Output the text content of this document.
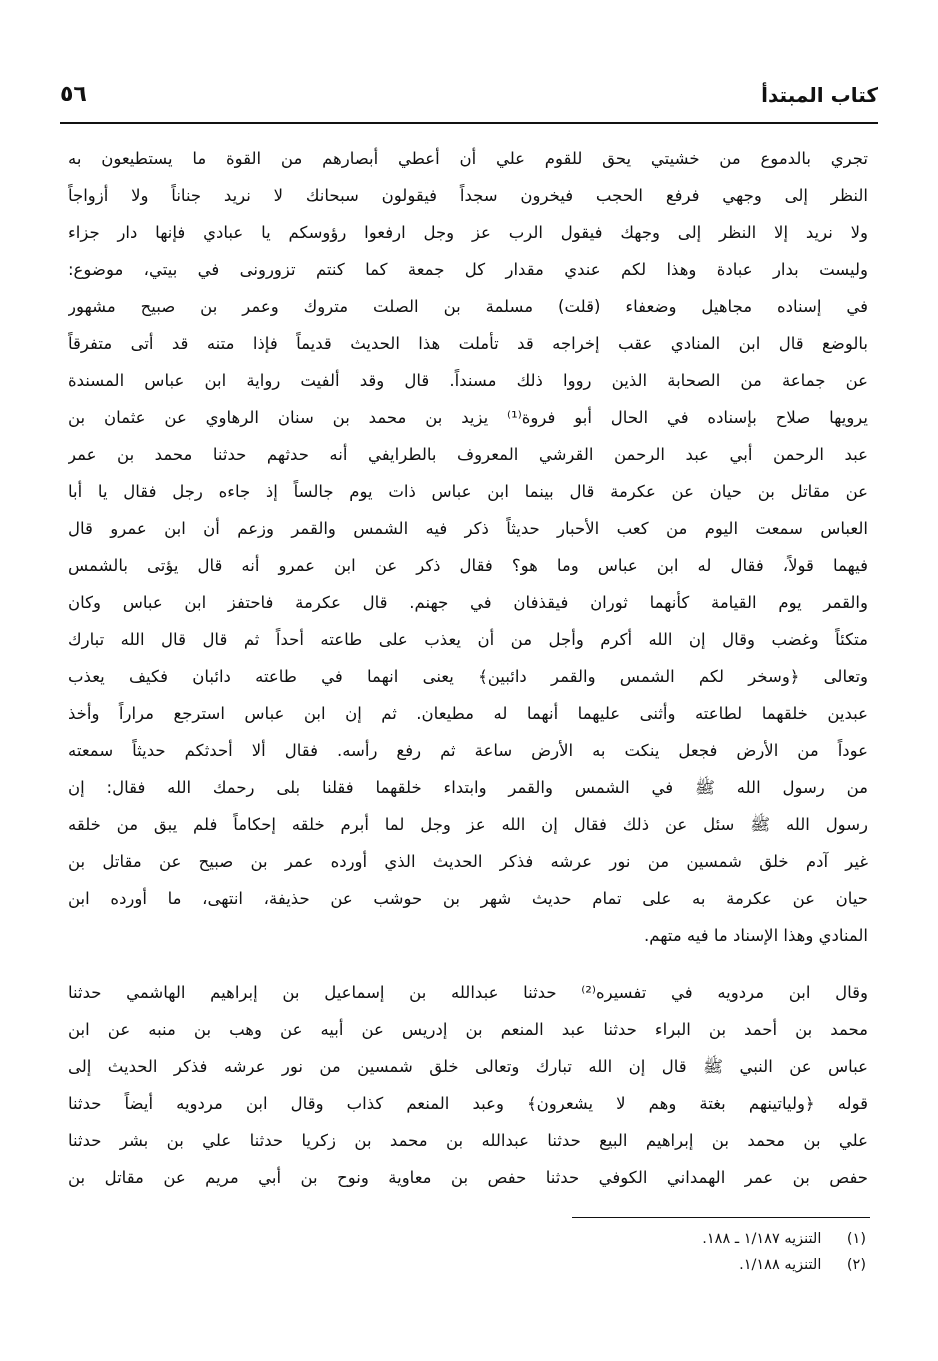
كتاب المبتدأ
٥٦
تجري بالدموع من خشيتي يحق للقوم علي أن أعطي أبصارهم من القوة ما يستطيعون به
النظر إلى وجهي فرفع الحجب فيخرون سجداً فيقولون سبحانك لا نريد جناناً ولا أزواجاً
ولا نريد إلا النظر إلى وجهك فيقول الرب عز وجل ارفعوا رؤوسكم يا عبادي فإنها دار جزاء
وليست بدار عبادة وهذا لكم عندي مقدار كل جمعة كما كنتم تزورونى في بيتي، موضوع:
في إسناده مجاهيل وضعفاء (قلت) مسلمة بن الصلت متروك وعمر بن صبيح مشهور
بالوضع قال ابن المنادي عقب إخراجه قد تأملت هذا الحديث قديماً فإذا متنه قد أتى متفرقاً
عن جماعة من الصحابة الذين رووا ذلك مسنداً. قال وقد ألفيت رواية ابن عباس المسندة
يرويها صلاح بإسناده في الحال أبو فروة⁽¹⁾ يزيد بن محمد بن سنان الرهاوي عن عثمان بن
عبد الرحمن أبي عبد الرحمن القرشي المعروف بالطرايفي أنه حدثهم حدثنا محمد بن عمر
عن مقاتل بن حيان عن عكرمة قال بينما ابن عباس ذات يوم جالساً إذ جاءه رجل فقال يا أبا
العباس سمعت اليوم من كعب الأحبار حديثاً ذكر فيه الشمس والقمر وزعم أن ابن عمرو قال
فيهما قولاً، فقال له ابن عباس وما هو؟ فقال ذكر عن ابن عمرو أنه قال يؤتى بالشمس
والقمر يوم القيامة كأنهما ثوران فيقذفان في جهنم. قال عكرمة فاحتفز ابن عباس وكان
متكئاً وغضب وقال إن الله أكرم وأجل من أن يعذب على طاعته أحداً ثم قال قال الله تبارك
وتعالى ﴿وسخر لكم الشمس والقمر دائبين﴾ يعنى انهما في طاعته دائبان فكيف يعذب
عبدين خلقهما لطاعته وأثنى عليهما أنهما له مطيعان. ثم إن ابن عباس استرجع مراراً وأخذ
عوداً من الأرض فجعل ينكت به الأرض ساعة ثم رفع رأسه. فقال ألا أحدثكم حديثاً سمعته
من رسول الله ﷺ في الشمس والقمر وابتداء خلقهما فقلنا بلى رحمك الله فقال: إن
رسول الله ﷺ سئل عن ذلك فقال إن الله عز وجل لما أبرم خلقه إحكاماً فلم يبق من خلقه
غير آدم خلق شمسين من نور عرشه فذكر الحديث الذي أورده عمر بن صبيح عن مقاتل بن
حيان عن عكرمة به على تمام حديث شهر بن حوشب عن حذيفة، انتهى، ما أورده ابن
المنادي وهذا الإسناد ما فيه متهم.
وقال ابن مردويه في تفسيره⁽²⁾ حدثنا عبدالله بن إسماعيل بن إبراهيم الهاشمي حدثنا
محمد بن أحمد بن البراء حدثنا عبد المنعم بن إدريس عن أبيه عن وهب بن منبه عن ابن
عباس عن النبي ﷺ قال إن الله تبارك وتعالى خلق شمسين من نور عرشه فذكر الحديث إلى
قوله ﴿ولياتينهم بغتة وهم لا يشعرون﴾ وعبد المنعم كذاب وقال ابن مردويه أيضاً حدثنا
علي بن محمد بن إبراهيم البيع حدثنا عبدالله بن محمد بن زكريا حدثنا علي بن بشر حدثنا
حفص بن عمر الهمداني الكوفي حدثنا حفص بن معاوية ونوح بن أبي مريم عن مقاتل بن
(١) التنزيه ١/١٨٧ ـ ١٨٨.
(٢) التنزيه ١/١٨٨.
